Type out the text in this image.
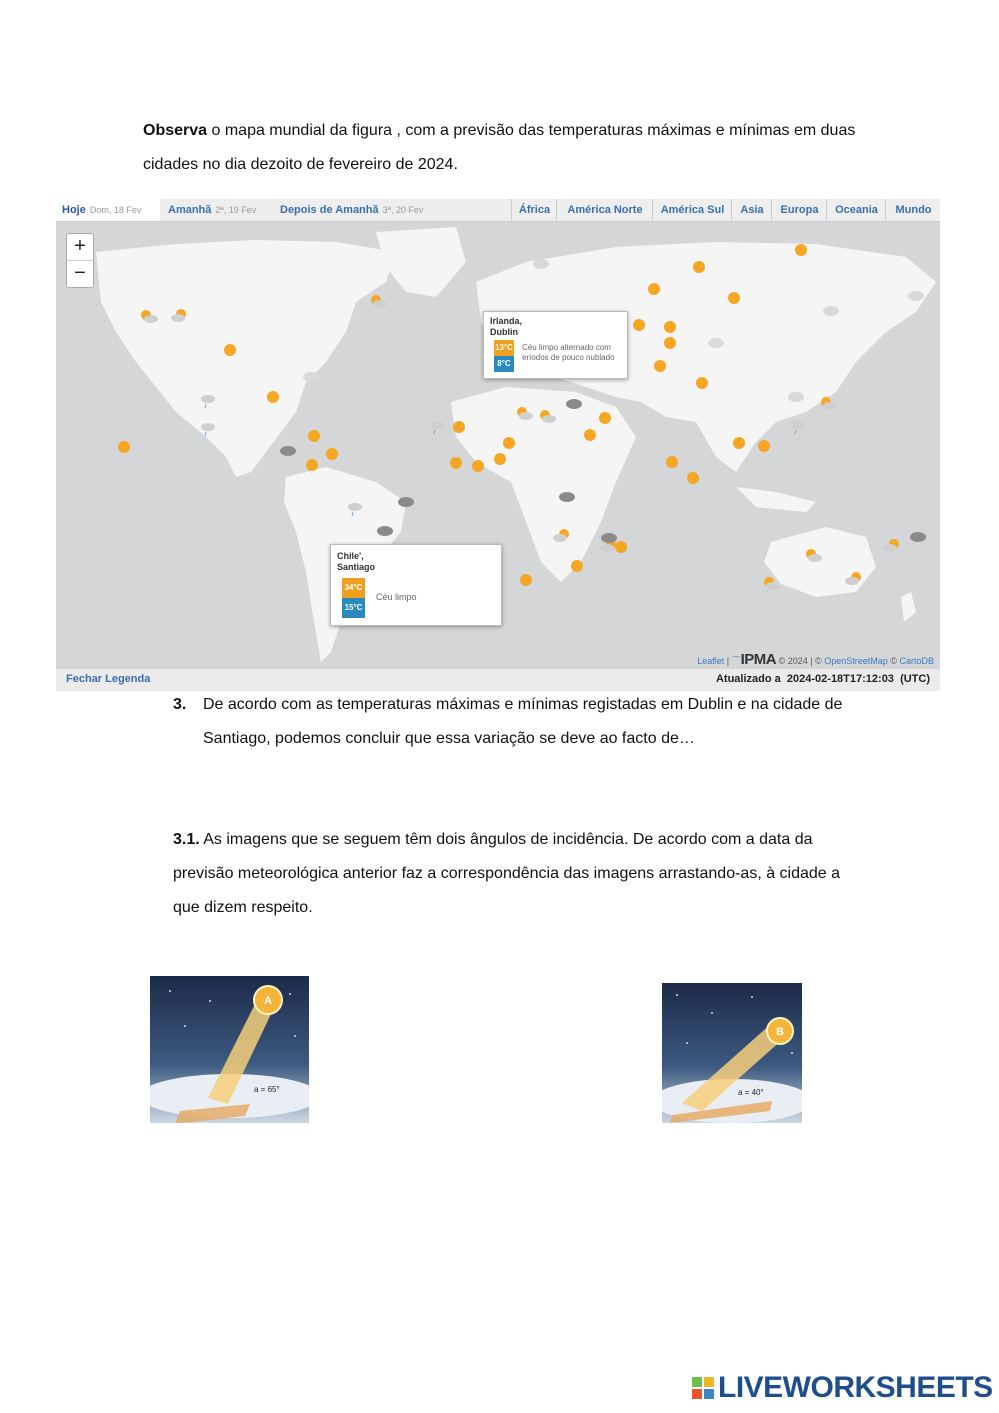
Observa o mapa mundial da figura , com a previsão das temperaturas máximas e mínimas em duas cidades no dia dezoito de fevereiro de 2024.
Hoje Dom, 18 Fev	Amanhã 2ª, 19 Fev	Depois de Amanhã 3ª, 20 Fev	África	América Norte	América Sul	Asia	Europa	Oceania	Mundo
Irlanda, Dublin
13°C
8°C
Céu limpo alternado com eríodos de pouco nublado
Chile', Santiago
34°C
15°C
Céu limpo
+
−
Leaflet | ⌒IPMA © 2024 | © OpenStreetMap © CartoDB
Fechar Legenda	Atualizado a 2024-02-18T17:12:03 (UTC)
3. De acordo com as temperaturas máximas e mínimas registadas em Dublin e na cidade de Santiago, podemos concluir que essa variação se deve ao facto de…
3.1. As imagens que se seguem têm dois ângulos de incidência. De acordo com a data da previsão meteorológica anterior faz a correspondência das imagens arrastando-as, à cidade a que dizem respeito.
A
a = 65°
B
a = 40°
LIVEWORKSHEETS
